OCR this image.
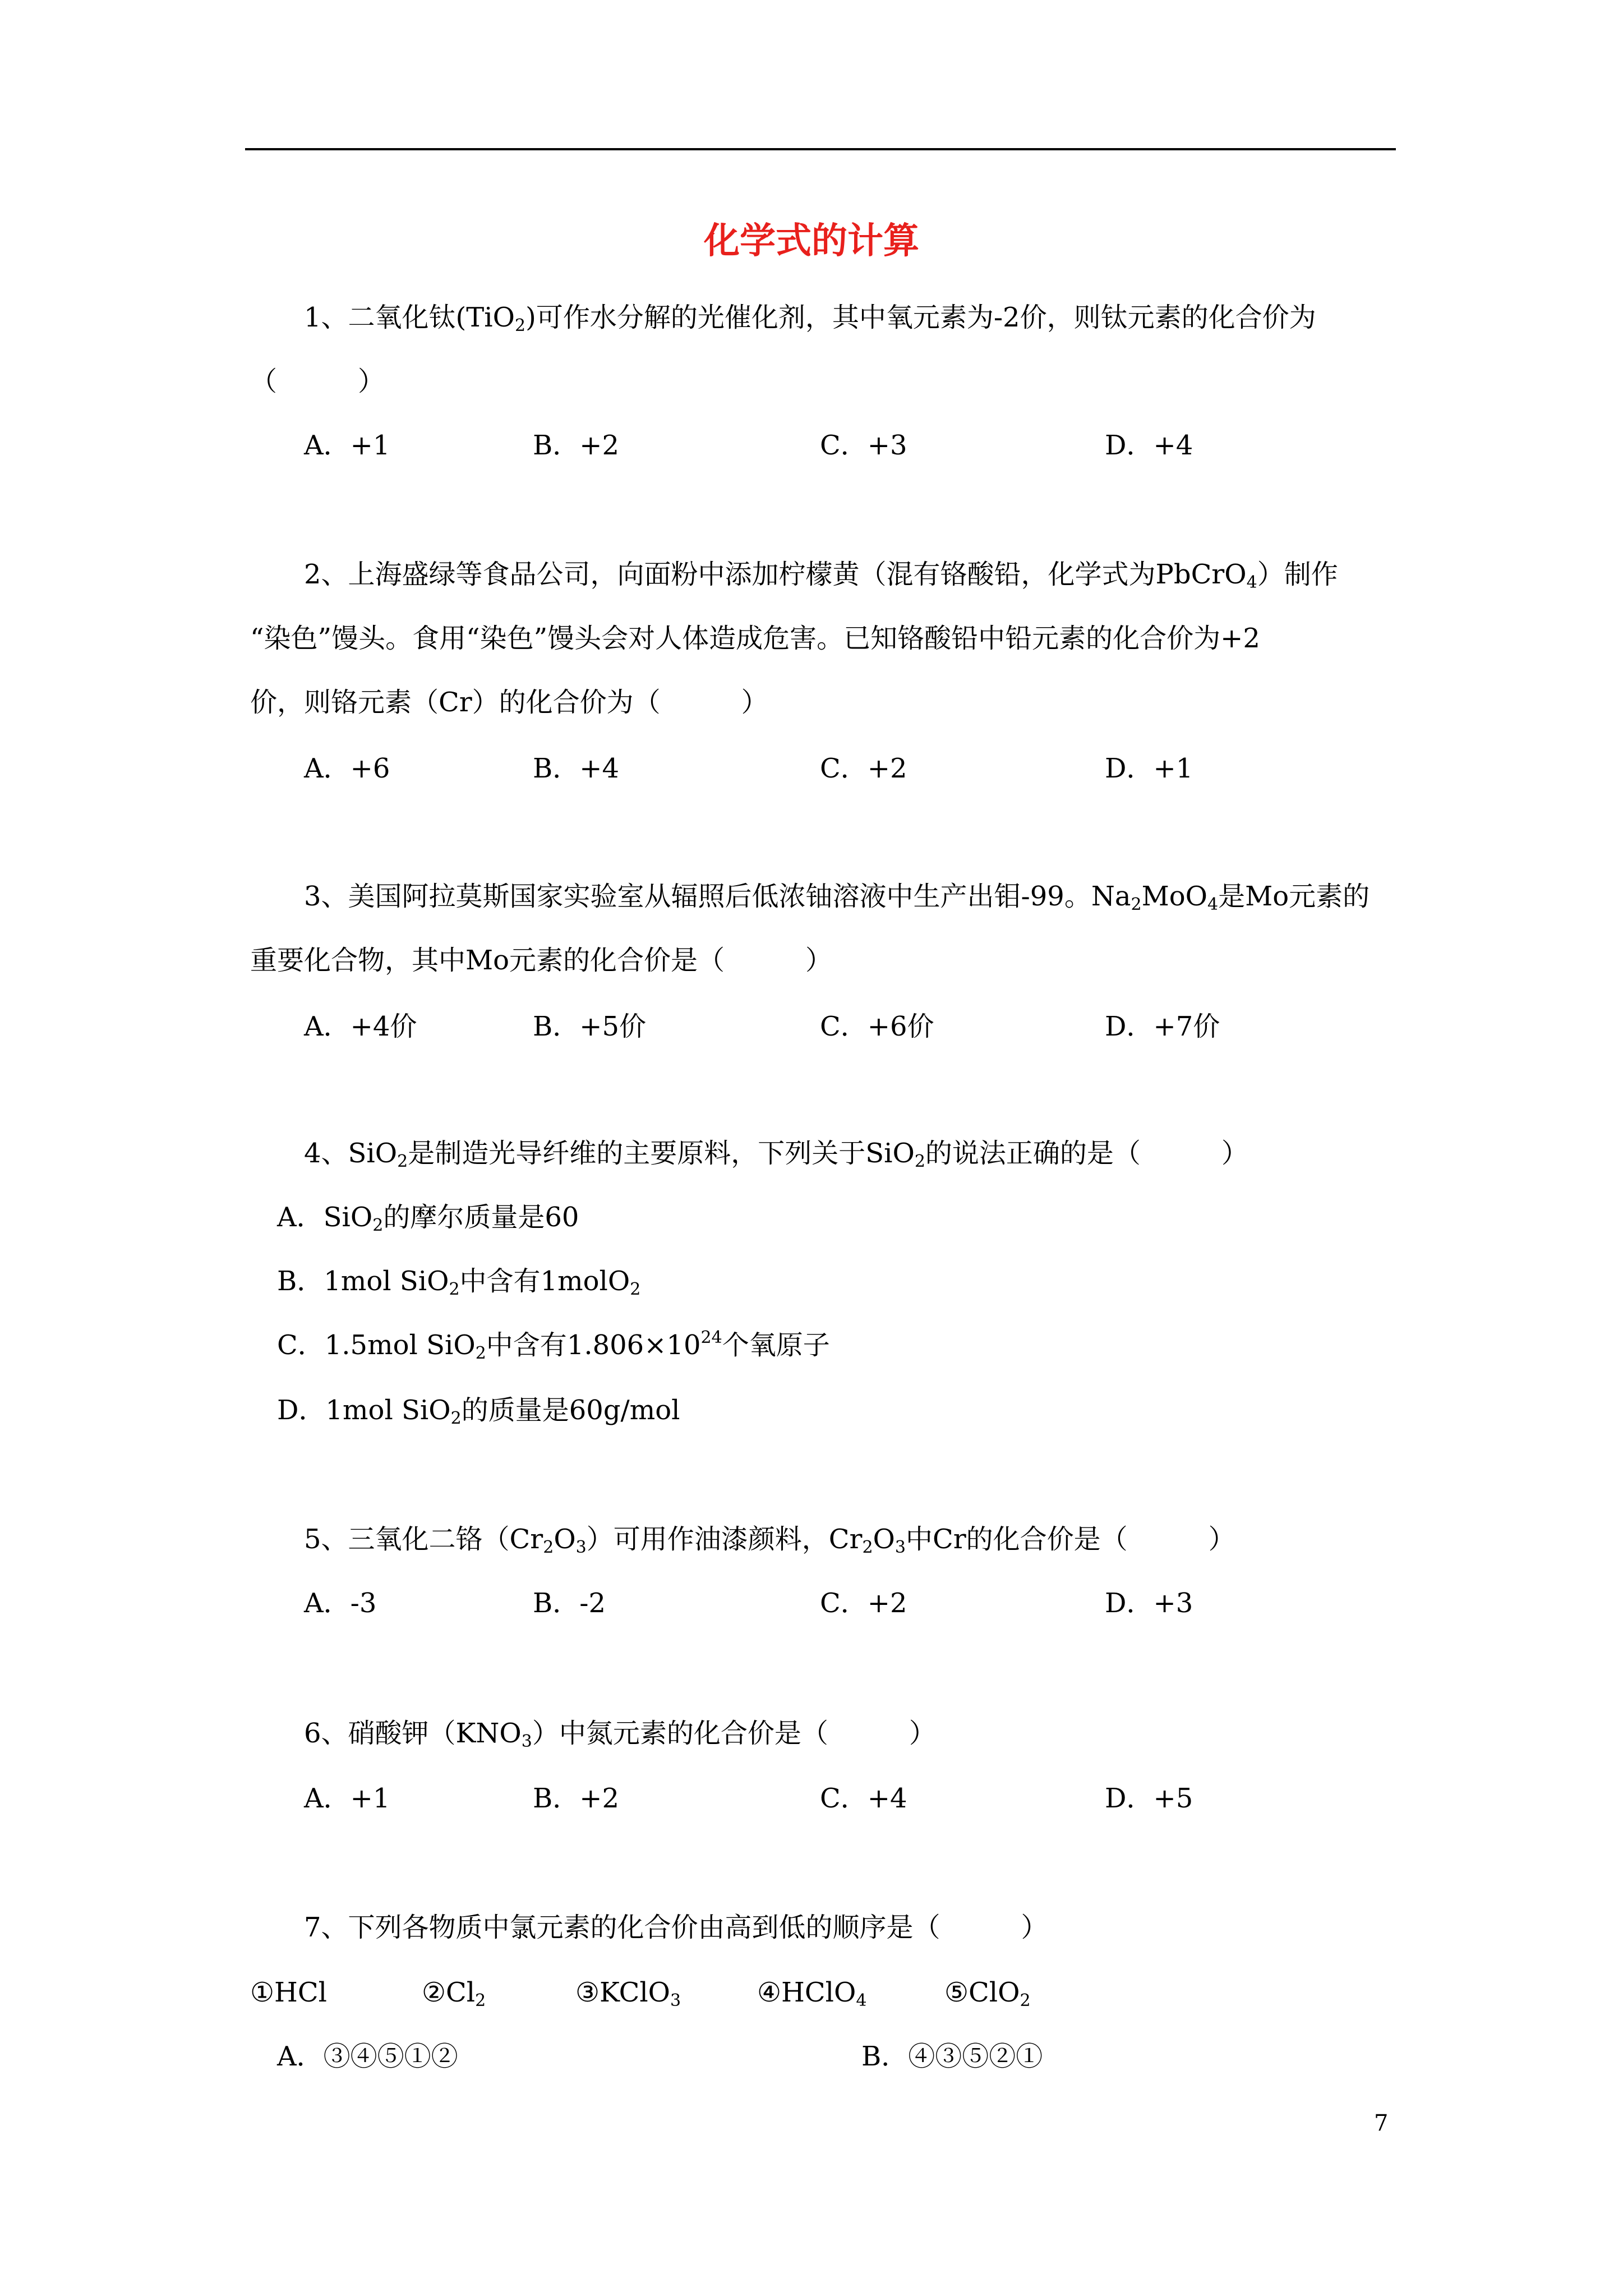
化学式的计算
1、二氧化钛(TiO$_2$)可作水分解的光催化剂，其中氧元素为-2价，则钛元素的化合价为
（　　　）
A．+1	B．+2	C．+3	D．+4
2、上海盛绿等食品公司，向面粉中添加柠檬黄（混有铬酸铅，化学式为PbCrO$_4$）制作
“染色”馒头。食用“染色”馒头会对人体造成危害。已知铬酸铅中铅元素的化合价为+2
价，则铬元素（Cr）的化合价为（　　　）
A．+6	B．+4	C．+2	D．+1
3、美国阿拉莫斯国家实验室从辐照后低浓铀溶液中生产出钼-99。$Na_2MoO_4$是Mo元素的
重要化合物，其中Mo元素的化合价是（　　　）
A．+4价	B．+5价	C．+6价	D．+7价
4、SiO$_2$是制造光导纤维的主要原料，下列关于SiO$_2$的说法正确的是（　　　）
A．SiO$_2$的摩尔质量是60
B．1mol SiO$_2$中含有1molO$_2$
C．1.5mol SiO$_2$中含有$1.806\times 10^{24}$个氧原子
D．1mol SiO$_2$的质量是60g/mol
5、三氧化二铬$(Cr_2O_3)$可用作油漆颜料，$Cr_2O_3$中Cr的化合价是（　　　）
A．-3	B．-2	C．+2	D．+3
6、硝酸钾$(KNO_3)$中氮元素的化合价是（　　　）
A．+1	B．+2	C．+4	D．+5
7、下列各物质中氯元素的化合价由高到低的顺序是（　　　）
①HCl	$②Cl_2$	③KClO$_3$	④HClO$_4$	⑤ClO$_2$
A．③④⑤①②	B．④③⑤②①
7
